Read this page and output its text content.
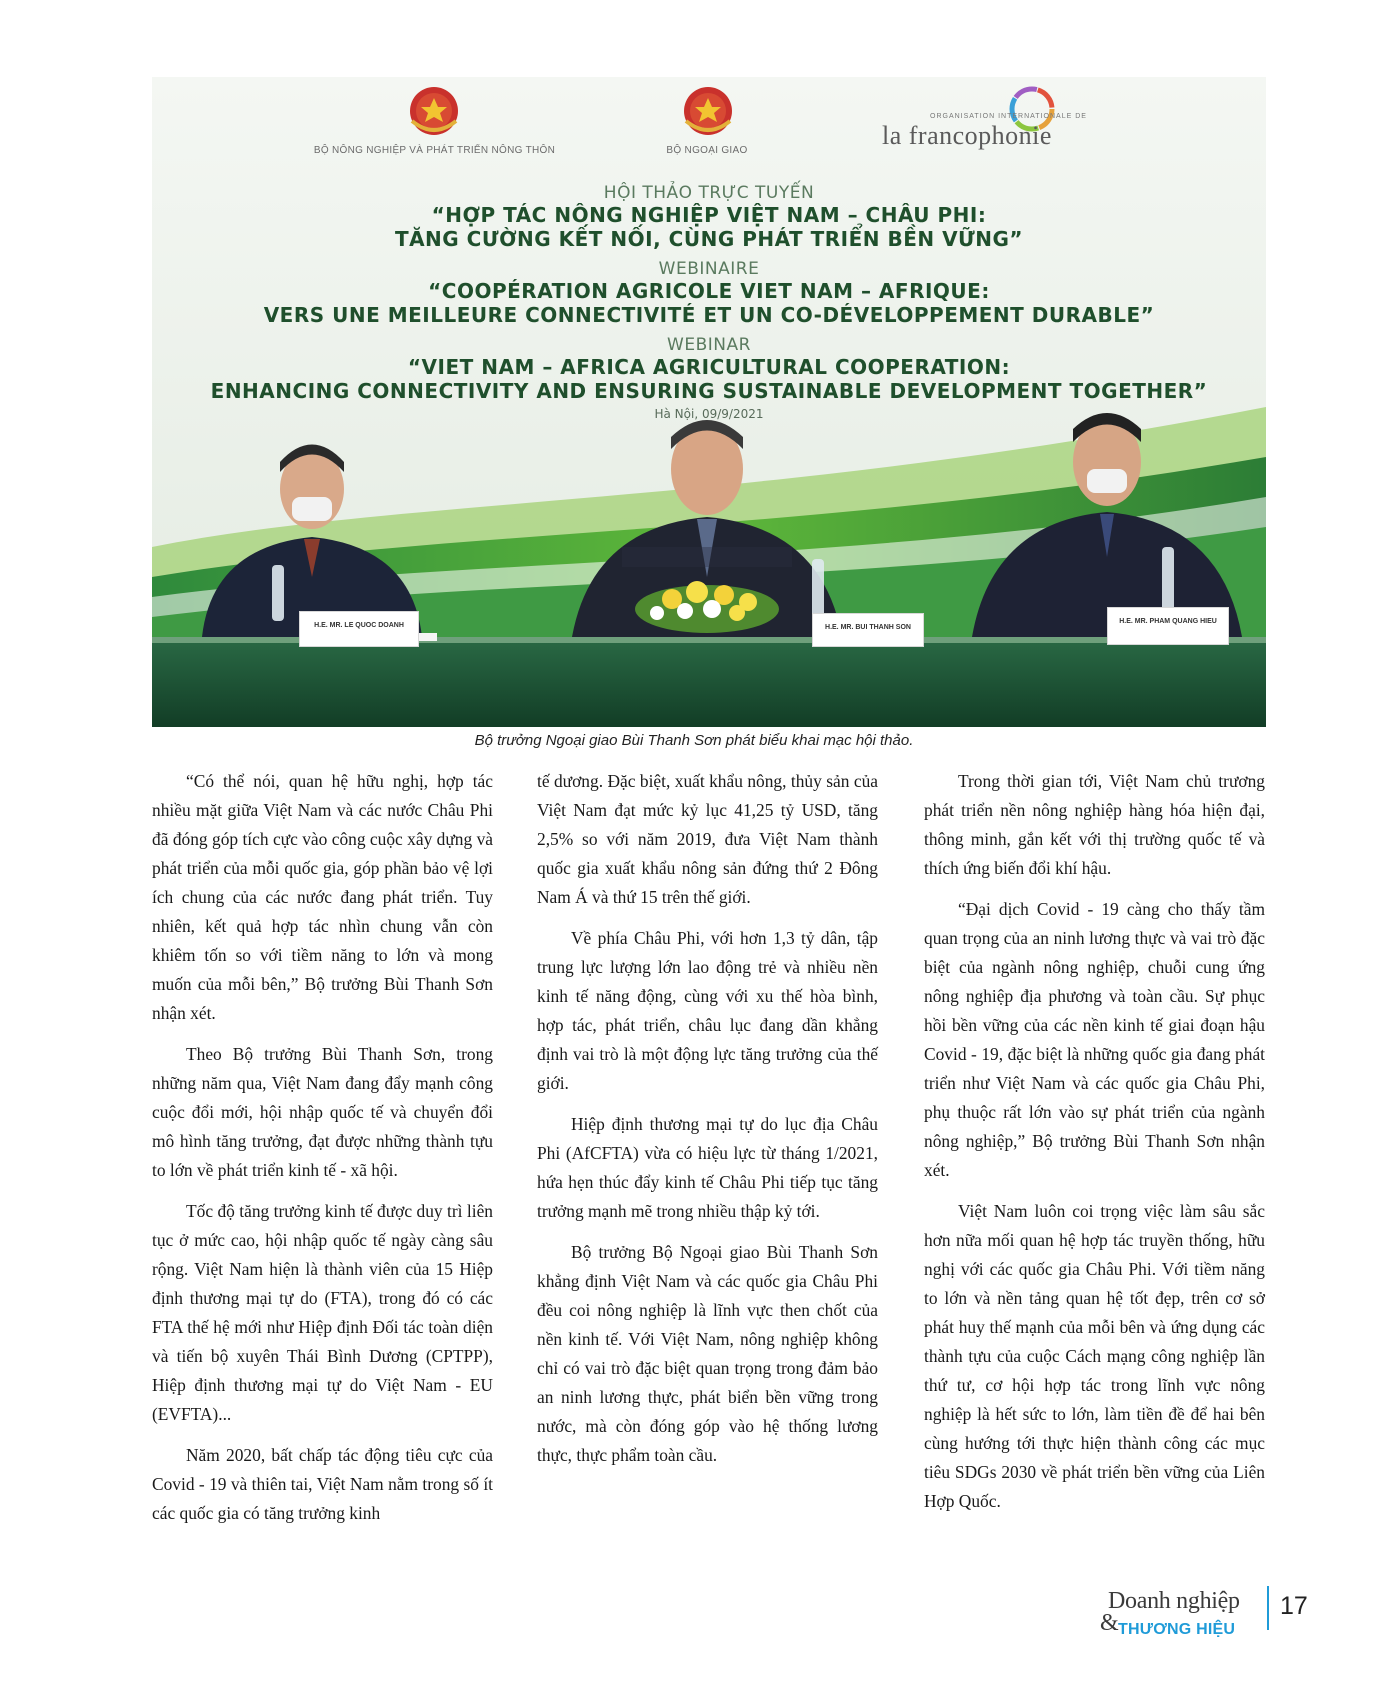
BỘ NÔNG NGHIỆP VÀ PHÁT TRIỂN NÔNG THÔN	BỘ NGOẠI GIAO
ORGANISATION INTERNATIONALE DE
la francophonie
HỘI THẢO TRỰC TUYẾN
“HỢP TÁC NÔNG NGHIỆP VIỆT NAM – CHÂU PHI:
TĂNG CƯỜNG KẾT NỐI, CÙNG PHÁT TRIỂN BỀN VỮNG”
WEBINAIRE
“COOPÉRATION AGRICOLE VIET NAM – AFRIQUE:
VERS UNE MEILLEURE CONNECTIVITÉ ET UN CO-DÉVELOPPEMENT DURABLE”
WEBINAR
“VIET NAM – AFRICA AGRICULTURAL COOPERATION:
ENHANCING CONNECTIVITY AND ENSURING SUSTAINABLE DEVELOPMENT TOGETHER”
Hà Nội, 09/9/2021
H.E. MR. LE QUOC DOANH	H.E. MR. BUI THANH SON
H.E. MR. PHAM QUANG HIEU
Bộ trưởng Ngoại giao Bùi Thanh Sơn phát biểu khai mạc hội thảo.

“Có thể nói, quan hệ hữu nghị, hợp tác nhiều mặt giữa Việt Nam và các nước Châu Phi đã đóng góp tích cực vào công cuộc xây dựng và phát triển của mỗi quốc gia, góp phần bảo vệ lợi ích chung của các nước đang phát triển. Tuy nhiên, kết quả hợp tác nhìn chung vẫn còn khiêm tốn so với tiềm năng to lớn và mong muốn của mỗi bên,” Bộ trưởng Bùi Thanh Sơn nhận xét.

Theo Bộ trưởng Bùi Thanh Sơn, trong những năm qua, Việt Nam đang đẩy mạnh công cuộc đổi mới, hội nhập quốc tế và chuyển đổi mô hình tăng trưởng, đạt được những thành tựu to lớn về phát triển kinh tế - xã hội.

Tốc độ tăng trưởng kinh tế được duy trì liên tục ở mức cao, hội nhập quốc tế ngày càng sâu rộng. Việt Nam hiện là thành viên của 15 Hiệp định thương mại tự do (FTA), trong đó có các FTA thế hệ mới như Hiệp định Đối tác toàn diện và tiến bộ xuyên Thái Bình Dương (CPTPP), Hiệp định thương mại tự do Việt Nam - EU (EVFTA)...

Năm 2020, bất chấp tác động tiêu cực của Covid - 19 và thiên tai, Việt Nam nằm trong số ít các quốc gia có tăng trưởng kinh

tế dương. Đặc biệt, xuất khẩu nông, thủy sản của Việt Nam đạt mức kỷ lục 41,25 tỷ USD, tăng 2,5% so với năm 2019, đưa Việt Nam thành quốc gia xuất khẩu nông sản đứng thứ 2 Đông Nam Á và thứ 15 trên thế giới.

Về phía Châu Phi, với hơn 1,3 tỷ dân, tập trung lực lượng lớn lao động trẻ và nhiều nền kinh tế năng động, cùng với xu thế hòa bình, hợp tác, phát triển, châu lục đang dần khẳng định vai trò là một động lực tăng trưởng của thế giới.

Hiệp định thương mại tự do lục địa Châu Phi (AfCFTA) vừa có hiệu lực từ tháng 1/2021, hứa hẹn thúc đẩy kinh tế Châu Phi tiếp tục tăng trưởng mạnh mẽ trong nhiều thập kỷ tới.

Bộ trưởng Bộ Ngoại giao Bùi Thanh Sơn khẳng định Việt Nam và các quốc gia Châu Phi đều coi nông nghiệp là lĩnh vực then chốt của nền kinh tế. Với Việt Nam, nông nghiệp không chỉ có vai trò đặc biệt quan trọng trong đảm bảo an ninh lương thực, phát biển bền vững trong nước, mà còn đóng góp vào hệ thống lương thực, thực phẩm toàn cầu.

Trong thời gian tới, Việt Nam chủ trương phát triển nền nông nghiệp hàng hóa hiện đại, thông minh, gắn kết với thị trường quốc tế và thích ứng biến đổi khí hậu.

“Đại dịch Covid - 19 càng cho thấy tầm quan trọng của an ninh lương thực và vai trò đặc biệt của ngành nông nghiệp, chuỗi cung ứng nông nghiệp địa phương và toàn cầu. Sự phục hồi bền vững của các nền kinh tế giai đoạn hậu Covid - 19, đặc biệt là những quốc gia đang phát triển như Việt Nam và các quốc gia Châu Phi, phụ thuộc rất lớn vào sự phát triển của ngành nông nghiệp,” Bộ trưởng Bùi Thanh Sơn nhận xét.

Việt Nam luôn coi trọng việc làm sâu sắc hơn nữa mối quan hệ hợp tác truyền thống, hữu nghị với các quốc gia Châu Phi. Với tiềm năng to lớn và nền tảng quan hệ tốt đẹp, trên cơ sở phát huy thế mạnh của mỗi bên và ứng dụng các thành tựu của cuộc Cách mạng công nghiệp lần thứ tư, cơ hội hợp tác trong lĩnh vực nông nghiệp là hết sức to lớn, làm tiền đề để hai bên cùng hướng tới thực hiện thành công các mục tiêu SDGs 2030 về phát triển bền vững của Liên Hợp Quốc.

Doanh nghiệp
& THƯƠNG HIỆU
17
